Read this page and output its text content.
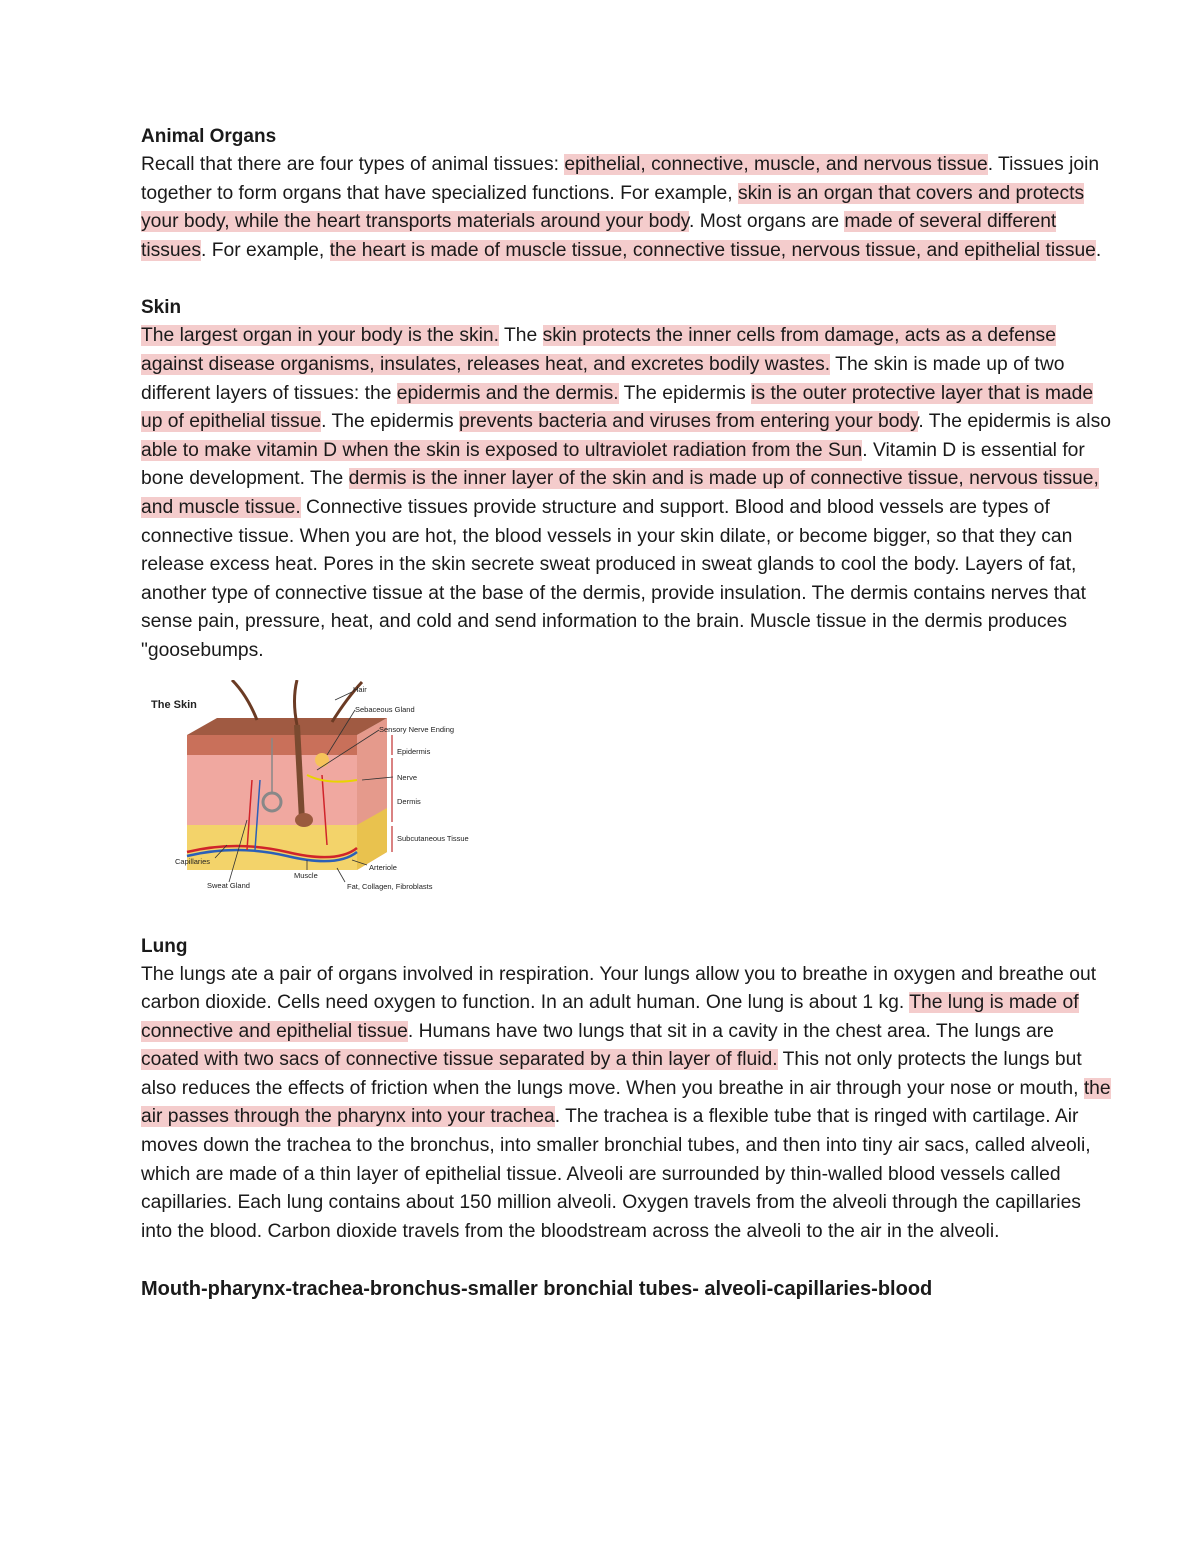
Animal Organs

Recall that there are four types of animal tissues: epithelial, connective, muscle, and nervous tissue. Tissues join together to form organs that have specialized functions. For example, skin is an organ that covers and protects your body, while the heart transports materials around your body. Most organs are made of several different tissues. For example, the heart is made of muscle tissue, connective tissue, nervous tissue, and epithelial tissue.

Skin

The largest organ in your body is the skin. The skin protects the inner cells from damage, acts as a defense against disease organisms, insulates, releases heat, and excretes bodily wastes. The skin is made up of two different layers of tissues: the epidermis and the dermis. The epidermis is the outer protective layer that is made up of epithelial tissue. The epidermis prevents bacteria and viruses from entering your body. The epidermis is also able to make vitamin D when the skin is exposed to ultraviolet radiation from the Sun. Vitamin D is essential for bone development. The dermis is the inner layer of the skin and is made up of connective tissue, nervous tissue, and muscle tissue. Connective tissues provide structure and support. Blood and blood vessels are types of connective tissue. When you are hot, the blood vessels in your skin dilate, or become bigger, so that they can release excess heat. Pores in the skin secrete sweat produced in sweat glands to cool the body. Layers of fat, another type of connective tissue at the base of the dermis, provide insulation. The dermis contains nerves that sense pain, pressure, heat, and cold and send information to the brain. Muscle tissue in the dermis produces "goosebumps.

The Skin
Hair
Sebaceous Gland
Sensory Nerve Ending
Epidermis
Nerve
Dermis
Subcutaneous Tissue
Arteriole
Fat, Collagen, Fibroblasts
Muscle
Sweat Gland
Capillaries
Lung

The lungs ate a pair of organs involved in respiration. Your lungs allow you to breathe in oxygen and breathe out carbon dioxide. Cells need oxygen to function. In an adult human. One lung is about 1 kg. The lung is made of connective and epithelial tissue. Humans have two lungs that sit in a cavity in the chest area. The lungs are coated with two sacs of connective tissue separated by a thin layer of fluid. This not only protects the lungs but also reduces the effects of friction when the lungs move. When you breathe in air through your nose or mouth, the air passes through the pharynx into your trachea. The trachea is a flexible tube that is ringed with cartilage. Air moves down the trachea to the bronchus, into smaller bronchial tubes, and then into tiny air sacs, called alveoli, which are made of a thin layer of epithelial tissue. Alveoli are surrounded by thin-walled blood vessels called capillaries. Each lung contains about 150 million alveoli. Oxygen travels from the alveoli through the capillaries into the blood. Carbon dioxide travels from the bloodstream across the alveoli to the air in the alveoli.

Mouth-pharynx-trachea-bronchus-smaller bronchial tubes- alveoli-capillaries-blood
